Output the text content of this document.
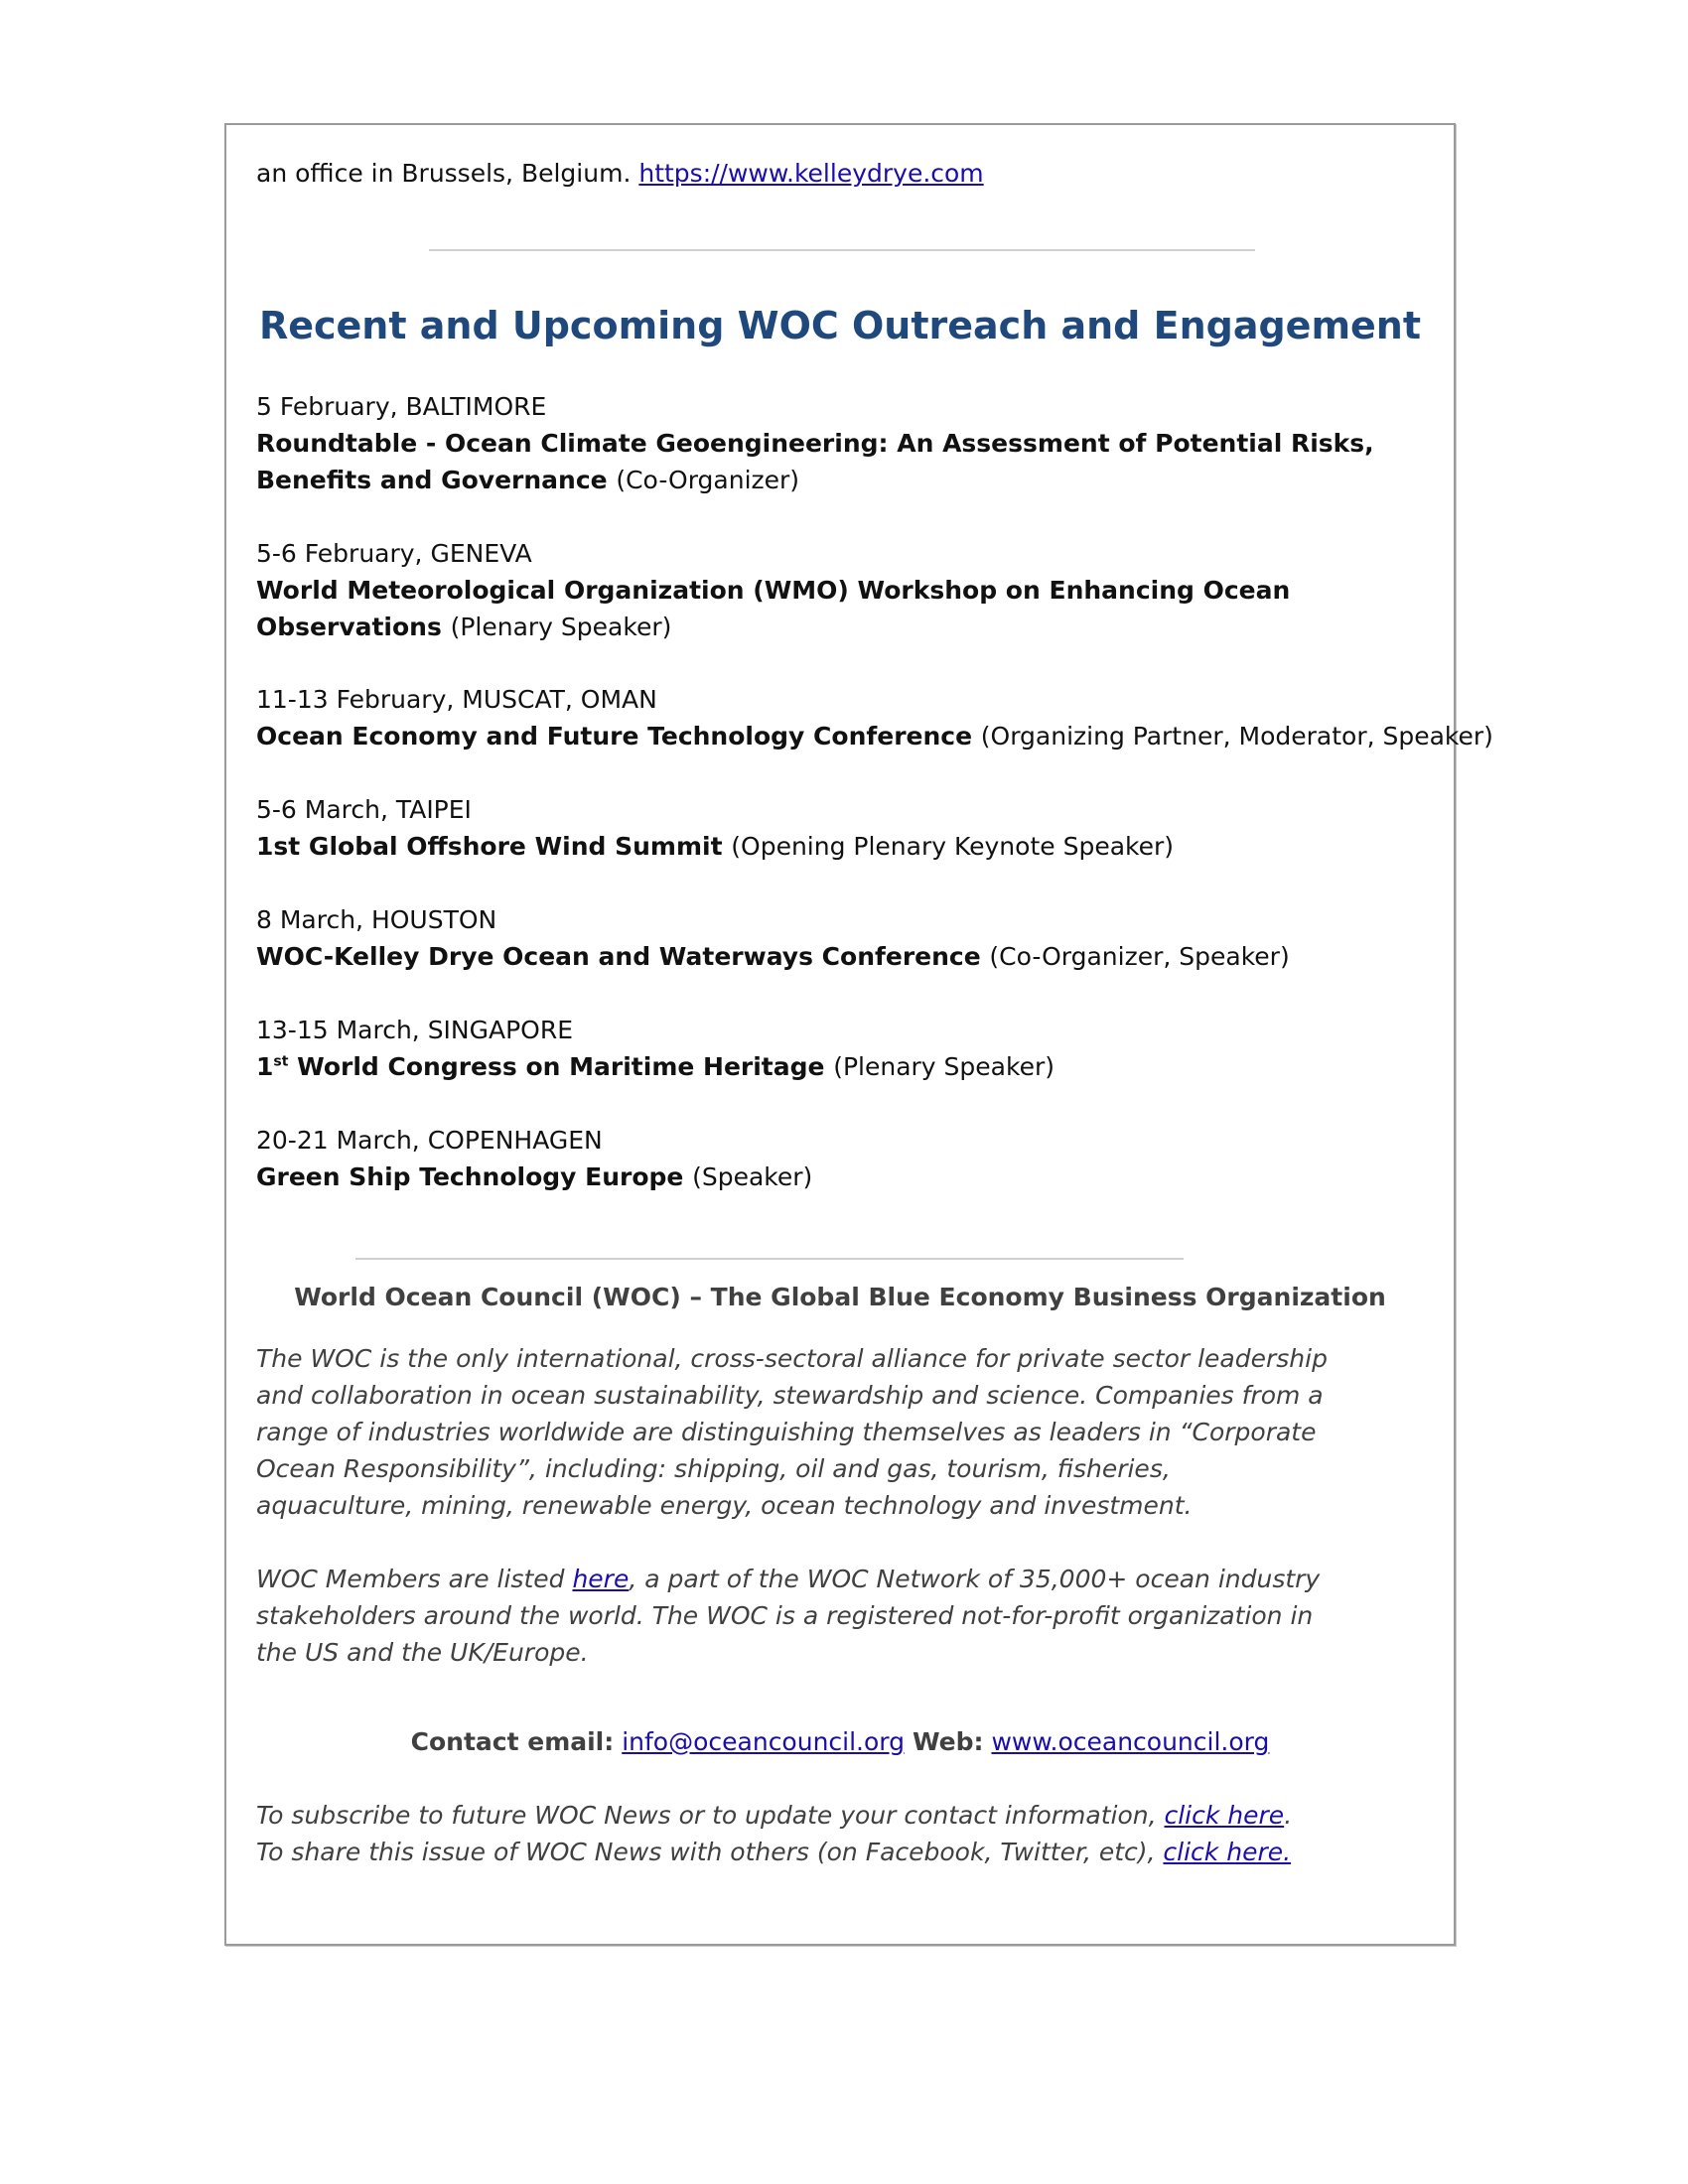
an office in Brussels, Belgium. https://www.kelleydrye.com
Recent and Upcoming WOC Outreach and Engagement
5 February, BALTIMORE
Roundtable - Ocean Climate Geoengineering: An Assessment of Potential Risks, Benefits and Governance (Co-Organizer)
5-6 February, GENEVA
World Meteorological Organization (WMO) Workshop on Enhancing Ocean Observations (Plenary Speaker)
11-13 February, MUSCAT, OMAN
Ocean Economy and Future Technology Conference (Organizing Partner, Moderator, Speaker)
5-6 March, TAIPEI
1st Global Offshore Wind Summit (Opening Plenary Keynote Speaker)
8 March, HOUSTON
WOC-Kelley Drye Ocean and Waterways Conference (Co-Organizer, Speaker)
13-15 March, SINGAPORE
1st World Congress on Maritime Heritage (Plenary Speaker)
20-21 March, COPENHAGEN
Green Ship Technology Europe (Speaker)
World Ocean Council (WOC) – The Global Blue Economy Business Organization

The WOC is the only international, cross-sectoral alliance for private sector leadership and collaboration in ocean sustainability, stewardship and science. Companies from a range of industries worldwide are distinguishing themselves as leaders in “Corporate Ocean Responsibility”, including: shipping, oil and gas, tourism, fisheries, aquaculture, mining, renewable energy, ocean technology and investment.

WOC Members are listed here, a part of the WOC Network of 35,000+ ocean industry stakeholders around the world. The WOC is a registered not-for-profit organization in the US and the UK/Europe.

Contact email: info@oceancouncil.org Web: www.oceancouncil.org

To subscribe to future WOC News or to update your contact information, click here.

To share this issue of WOC News with others (on Facebook, Twitter, etc), click here.
